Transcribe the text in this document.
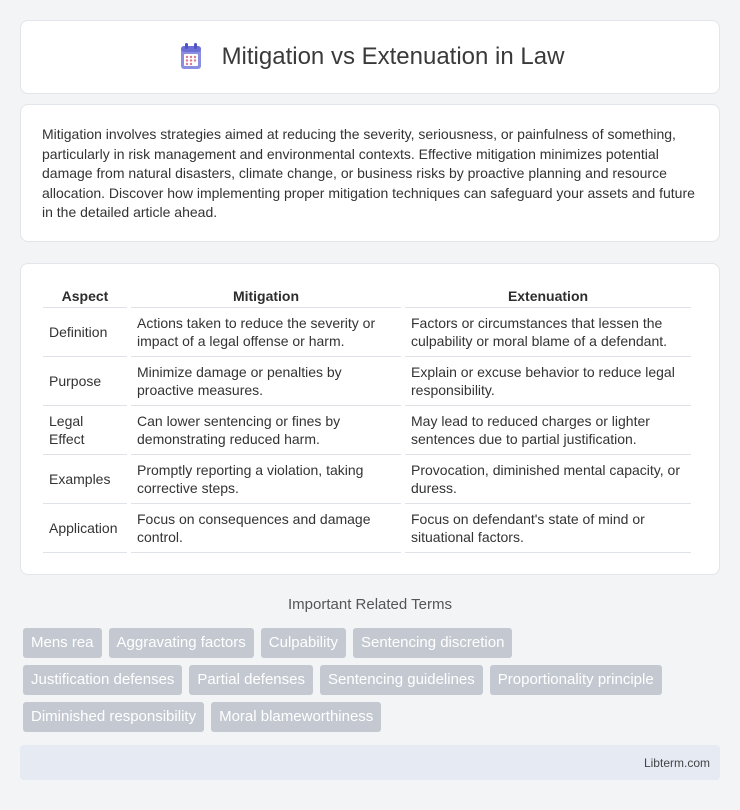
Mitigation vs Extenuation in Law

Mitigation involves strategies aimed at reducing the severity, seriousness, or painfulness of something, particularly in risk management and environmental contexts. Effective mitigation minimizes potential damage from natural disasters, climate change, or business risks by proactive planning and resource allocation. Discover how implementing proper mitigation techniques can safeguard your assets and future in the detailed article ahead.

Aspect	Mitigation	Extenuation
Definition	Actions taken to reduce the severity or impact of a legal offense or harm.	Factors or circumstances that lessen the culpability or moral blame of a defendant.
Purpose	Minimize damage or penalties by proactive measures.	Explain or excuse behavior to reduce legal responsibility.
Legal Effect	Can lower sentencing or fines by demonstrating reduced harm.	May lead to reduced charges or lighter sentences due to partial justification.
Examples	Promptly reporting a violation, taking corrective steps.	Provocation, diminished mental capacity, or duress.
Application	Focus on consequences and damage control.	Focus on defendant's state of mind or situational factors.
Important Related Terms
Mens rea	Aggravating factors	Culpability	Sentencing discretion
Justification defenses	Partial defenses	Sentencing guidelines	Proportionality principle
Diminished responsibility	Moral blameworthiness
Libterm.com
